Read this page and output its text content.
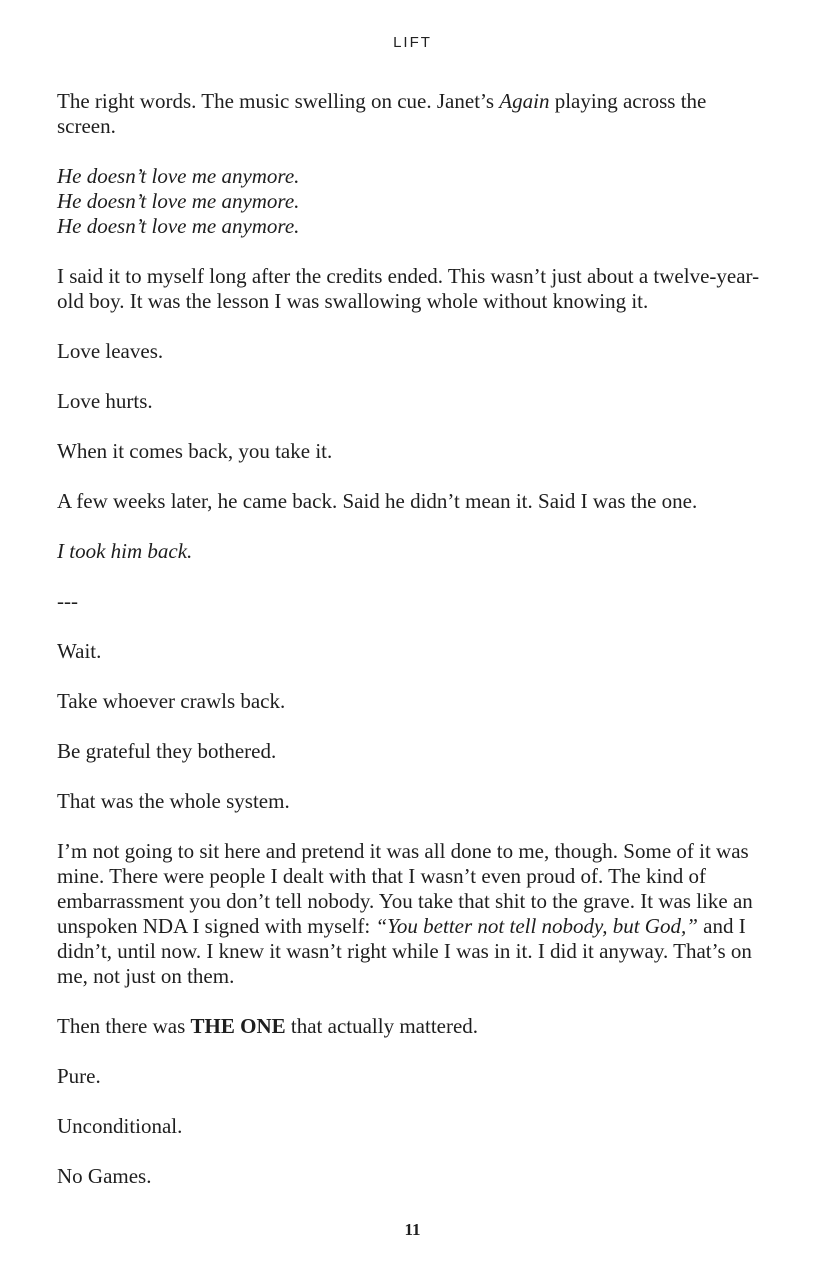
LIFT

The right words. The music swelling on cue. Janet’s Again playing across the screen.

He doesn’t love me anymore.
He doesn’t love me anymore.
He doesn’t love me anymore.

I said it to myself long after the credits ended. This wasn’t just about a twelve-year-old boy. It was the lesson I was swallowing whole without knowing it.

Love leaves.

Love hurts.

When it comes back, you take it.

A few weeks later, he came back. Said he didn’t mean it. Said I was the one.

I took him back.

---

Wait.

Take whoever crawls back.

Be grateful they bothered.

That was the whole system.

I’m not going to sit here and pretend it was all done to me, though. Some of it was mine. There were people I dealt with that I wasn’t even proud of. The kind of embarrassment you don’t tell nobody. You take that shit to the grave. It was like an unspoken NDA I signed with myself: “You better not tell nobody, but God,” and I didn’t, until now. I knew it wasn’t right while I was in it. I did it anyway. That’s on me, not just on them.

Then there was THE ONE that actually mattered.

Pure.

Unconditional.

No Games.

11
